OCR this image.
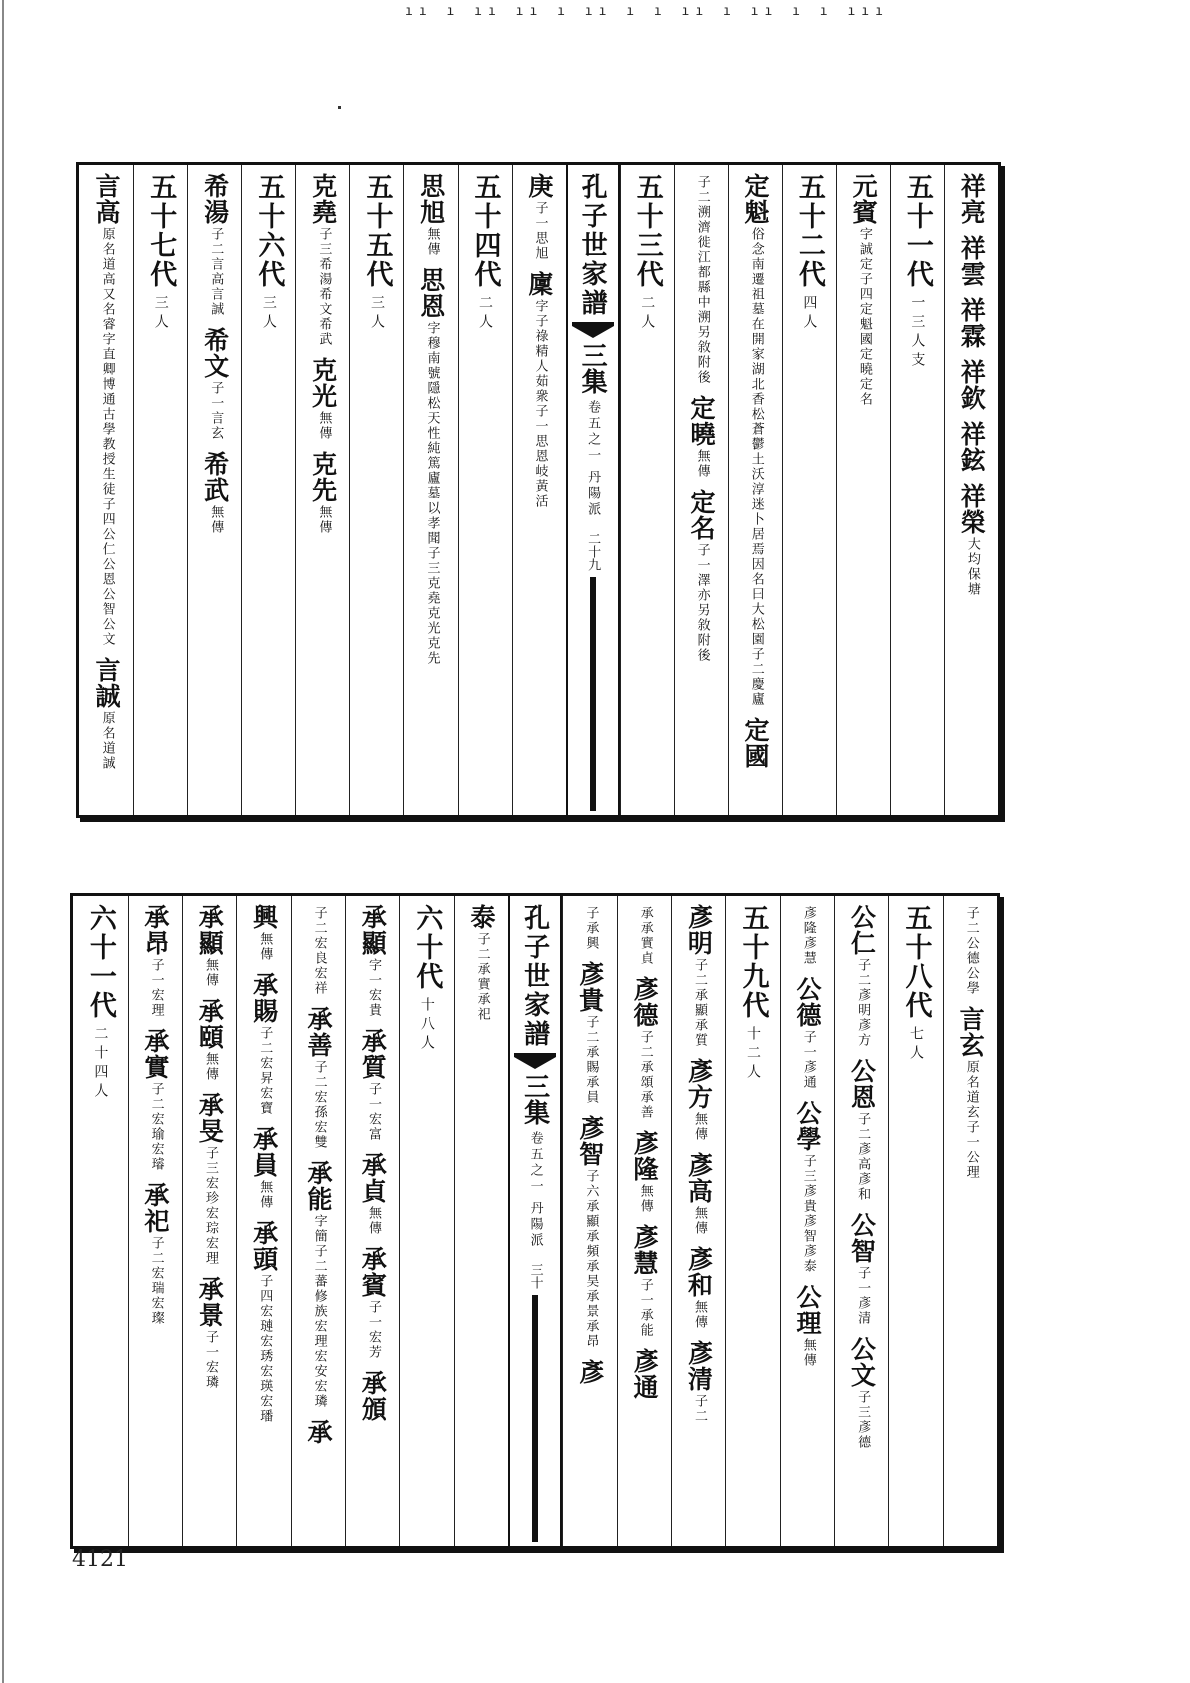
ıı ı ıı ıı ı ıı ı ı ıı ı ıı ı ı ııı
祥亮
祥雲
祥霖
祥欽
祥鉉
祥榮
大均保塘
五十一代
一三人支
元賓
字誠定子四定魁國定曉定名
五十二代
四人
定魁
俗念南遷祖墓在開家湖北香松蒼鬱土沃淳迷卜居焉因名曰大松園子二慶廬
定國
子二溯濟徙江都縣中溯另敘附後
定曉
無傳
定名
子一澤亦另敘附後
五十三代
二人
孔子世家譜
三集
卷五之一
丹陽派
二十九
庚
子一思旭
廩
字子祿精人茹衆子一思恩岐黃活
五十四代
二人
思旭
無傳
思恩
字穆南號隱松天性純篤廬墓以孝聞子三克堯克光克先
五十五代
三人
克堯
子三希湯希文希武
克光
無傳
克先
無傳
五十六代
三人
希湯
子二言高言誠
希文
子一言玄
希武
無傳
五十七代
三人
言高
原名道高又名睿字直卿博通古學教授生徒子四公仁公恩公智公文
言誠
原名道誠
子二公德公學
言玄
原名道玄子一公理
五十八代
七人
公仁
子二彥明彥方
公恩
子二彥高彥和
公智
子一彥清
公文
子三彥德
彥隆彥慧
公德
子一彥通
公學
子三彥貴彥智彥泰
公理
無傳
五十九代
十二人
彥明
子二承顯承質
彥方
無傳
彥高
無傳
彥和
無傳
彥清
子二
承承實貞
彥德
子二承頌承善
彥隆
無傳
彥慧
子一承能
彥通
子承興
彥貴
子二承賜承員
彥智
子六承顯承頻承昊承景承昂
彥
孔子世家譜
三集
卷五之一
丹陽派
三十
泰
子二承實承祀
六十代
十八人
承顯
字一宏貴
承質
子一宏富
承貞
無傳
承賓
子一宏芳
承頒
子二宏良宏祥
承善
子二宏孫宏雙
承能
字簡子二蕃修族宏理宏安宏璘
承
興
無傳
承賜
子二宏昇宏寶
承員
無傳
承頭
子四宏璉宏琇宏瑛宏璠
承顯
無傳
承頤
無傳
承旻
子三宏珍宏琮宏理
承景
子一宏璘
承昂
子一宏理
承實
子二宏瑜宏璿
承祀
子二宏瑞宏璨
六十一代
二十四人
4121
